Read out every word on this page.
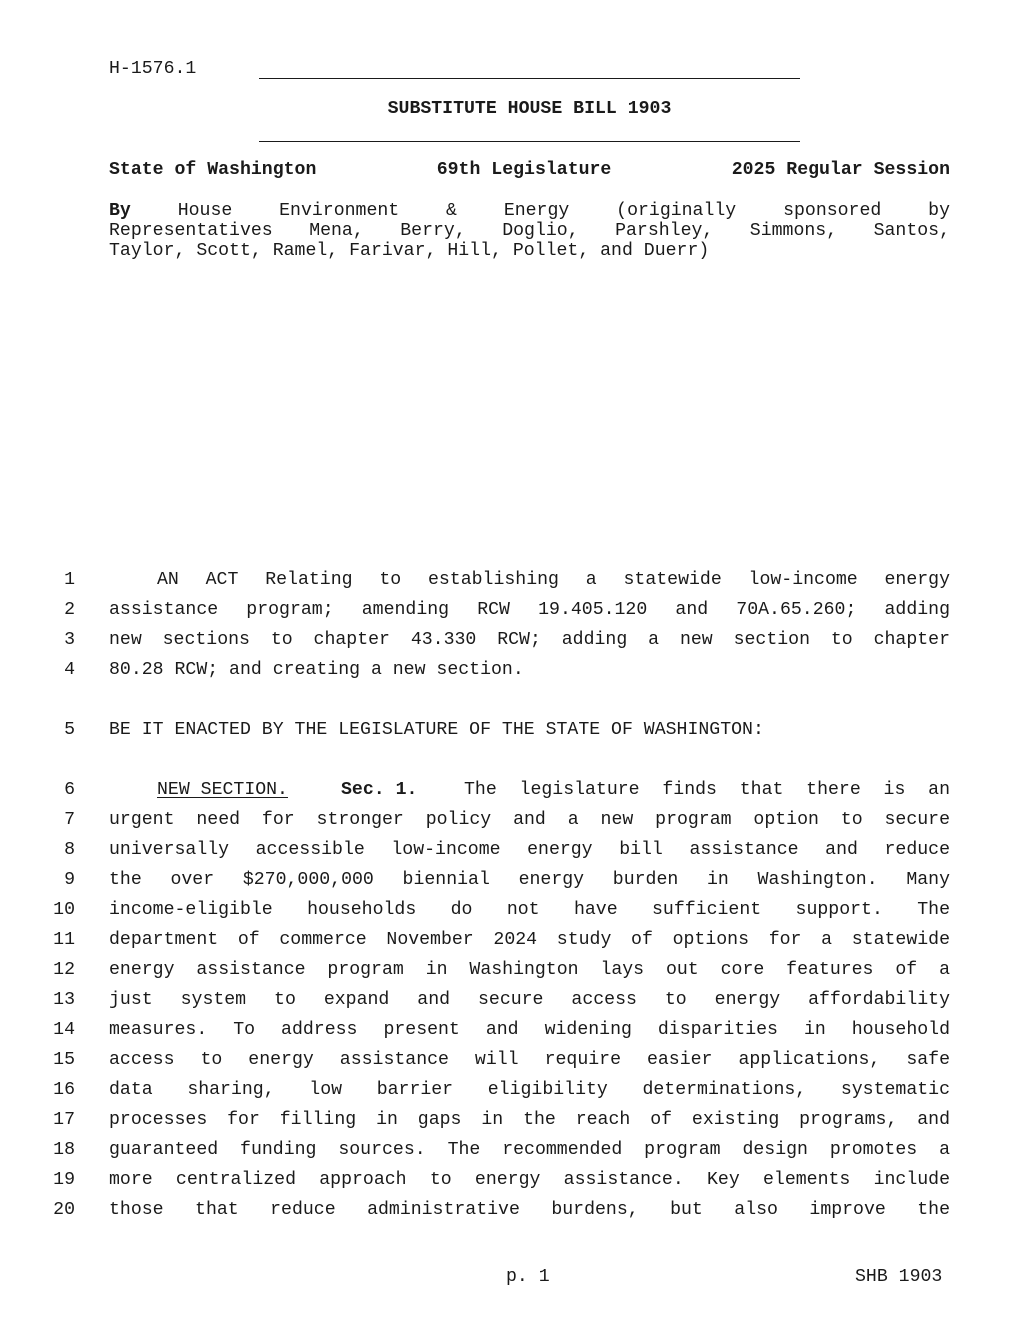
H-1576.1
SUBSTITUTE HOUSE BILL 1903
State of Washington	69th Legislature	2025 Regular Session
By	House Environment & Energy (originally sponsored by
Representatives Mena, Berry, Doglio, Parshley, Simmons, Santos,
Taylor, Scott, Ramel, Farivar, Hill, Pollet, and Duerr)
1	AN ACT Relating to establishing a statewide low-income energy
2 assistance program; amending RCW 19.405.120 and 70A.65.260; adding
3 new sections to chapter 43.330 RCW; adding a new section to chapter
4 80.28 RCW; and creating a new section.
5 BE IT ENACTED BY THE LEGISLATURE OF THE STATE OF WASHINGTON:
6	NEW SECTION.	Sec. 1.	The legislature finds that there is an
7 urgent need for stronger policy and a new program option to secure
8 universally accessible low-income energy bill assistance and reduce
9 the over $270,000,000 biennial energy burden in Washington. Many
10 income-eligible households do not have sufficient support. The
11 department of commerce November 2024 study of options for a statewide
12 energy assistance program in Washington lays out core features of a
13 just system to expand and secure access to energy affordability
14 measures. To address present and widening disparities in household
15 access to energy assistance will require easier applications, safe
16 data sharing, low barrier eligibility determinations, systematic
17 processes for filling in gaps in the reach of existing programs, and
18 guaranteed funding sources. The recommended program design promotes a
19 more centralized approach to energy assistance. Key elements include
20 those that reduce administrative burdens, but also improve the
p. 1	SHB 1903
